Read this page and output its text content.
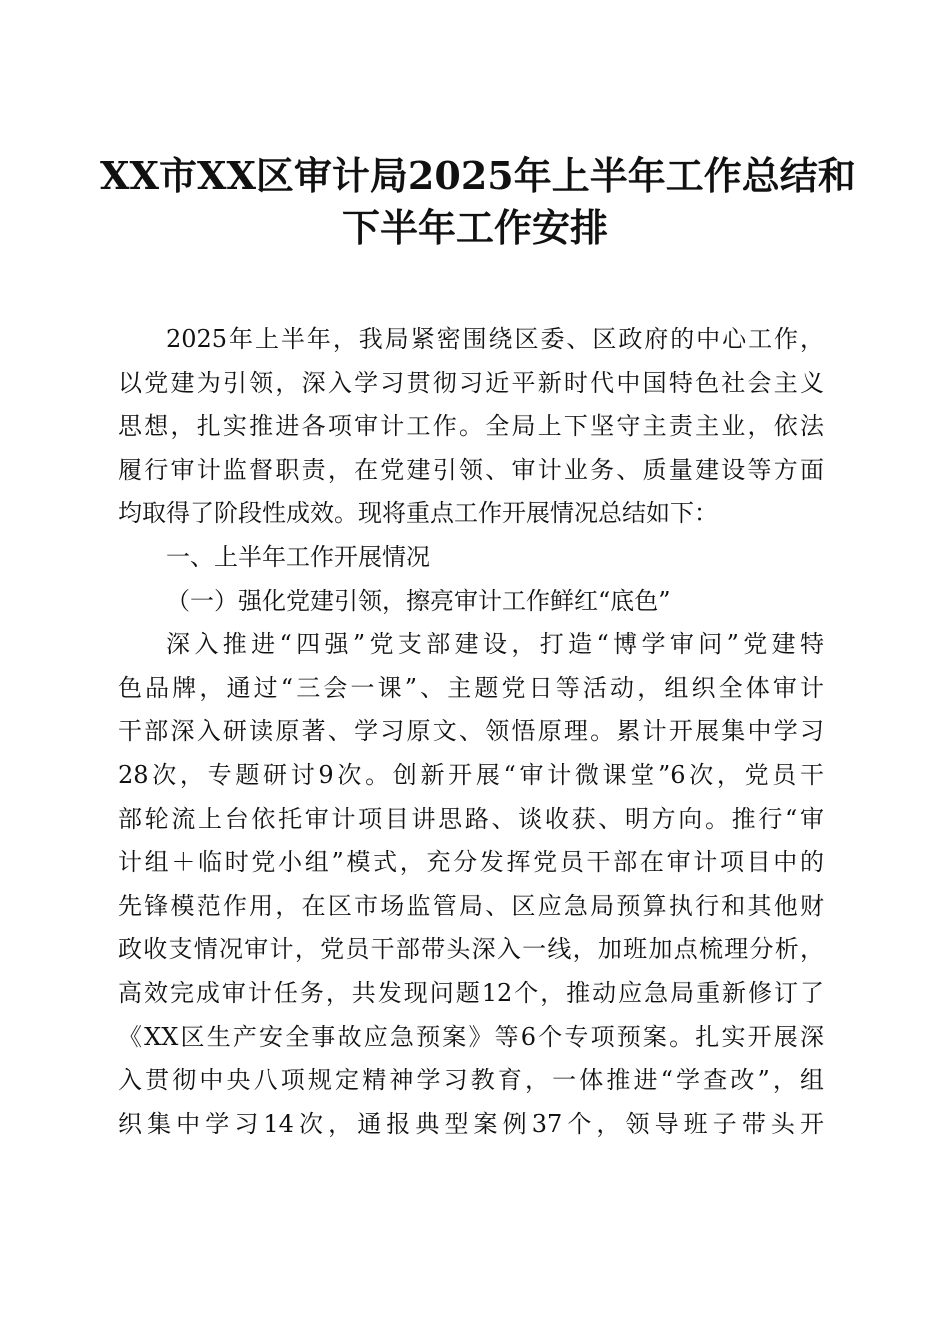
XX市XX区审计局2025年上半年工作总结和
下半年工作安排

2025年上半年，我局紧密围绕区委、区政府的中心工作，
以党建为引领，深入学习贯彻习近平新时代中国特色社会主义
思想，扎实推进各项审计工作。全局上下坚守主责主业，依法
履行审计监督职责，在党建引领、审计业务、质量建设等方面
均取得了阶段性成效。现将重点工作开展情况总结如下：

一、上半年工作开展情况

（一）强化党建引领，擦亮审计工作鲜红“底色”

深入推进“四强”党支部建设，打造“博学审问”党建特
色品牌，通过“三会一课”、主题党日等活动，组织全体审计
干部深入研读原著、学习原文、领悟原理。累计开展集中学习
28次，专题研讨9次。创新开展“审计微课堂”6次，党员干
部轮流上台依托审计项目讲思路、谈收获、明方向。推行“审
计组＋临时党小组”模式，充分发挥党员干部在审计项目中的
先锋模范作用，在区市场监管局、区应急局预算执行和其他财
政收支情况审计，党员干部带头深入一线，加班加点梳理分析，
高效完成审计任务，共发现问题12个，推动应急局重新修订了
《XX区生产安全事故应急预案》等6个专项预案。扎实开展深
入贯彻中央八项规定精神学习教育，一体推进“学查改”，组
织集中学习14次，通报典型案例37个，领导班子带头开
